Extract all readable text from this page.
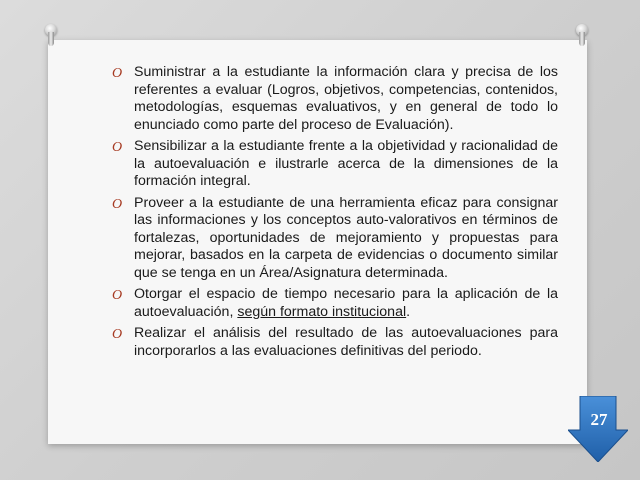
O Suministrar a la estudiante la información clara y precisa de los referentes a evaluar (Logros, objetivos, competencias, contenidos, metodologías, esquemas evaluativos, y en general de todo lo enunciado como parte del proceso de Evaluación).
O Sensibilizar a la estudiante frente a la objetividad y racionalidad de la autoevaluación e ilustrarle acerca de la dimensiones de la formación integral.
O Proveer a la estudiante de una herramienta eficaz para consignar las informaciones y los conceptos auto-valorativos en términos de fortalezas, oportunidades de mejoramiento y propuestas para mejorar, basados en la carpeta de evidencias o documento similar que se tenga en un Área/Asignatura determinada.
O Otorgar el espacio de tiempo necesario para la aplicación de la autoevaluación, según formato institucional.
O Realizar el análisis del resultado de las autoevaluaciones para incorporarlos a las evaluaciones definitivas del periodo.
27
